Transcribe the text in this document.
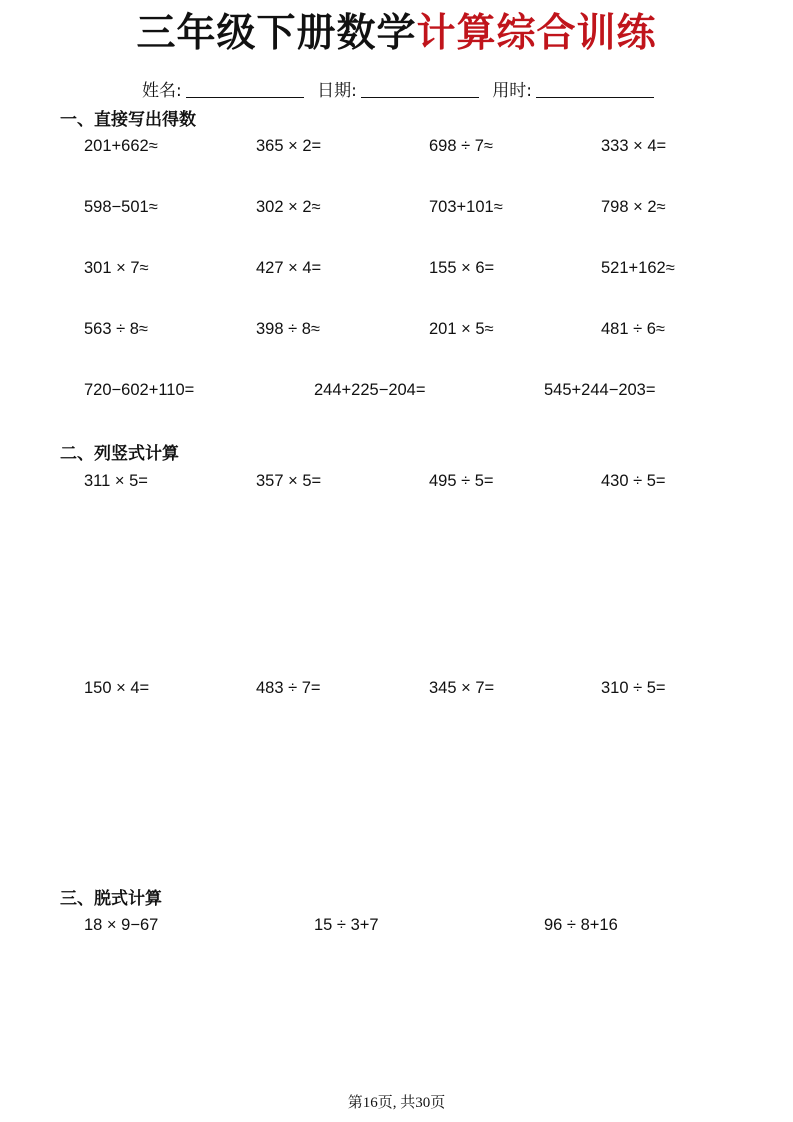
三年级下册数学计算综合训练
姓名:	日期:	用时:
一、直接写出得数
201+662≈	365 × 2=	698 ÷ 7≈	333 × 4=
598−501≈	302 × 2≈	703+101≈	798 × 2≈
301 × 7≈	427 × 4=	155 × 6=	521+162≈
563 ÷ 8≈	398 ÷ 8≈	201 × 5≈	481 ÷ 6≈
720−602+110=	244+225−204=	545+244−203=
二、列竖式计算
311 × 5=	357 × 5=	495 ÷ 5=	430 ÷ 5=
150 × 4=	483 ÷ 7=	345 × 7=	310 ÷ 5=
三、脱式计算
18 × 9−67	15 ÷ 3+7	96 ÷ 8+16
第16页, 共30页
